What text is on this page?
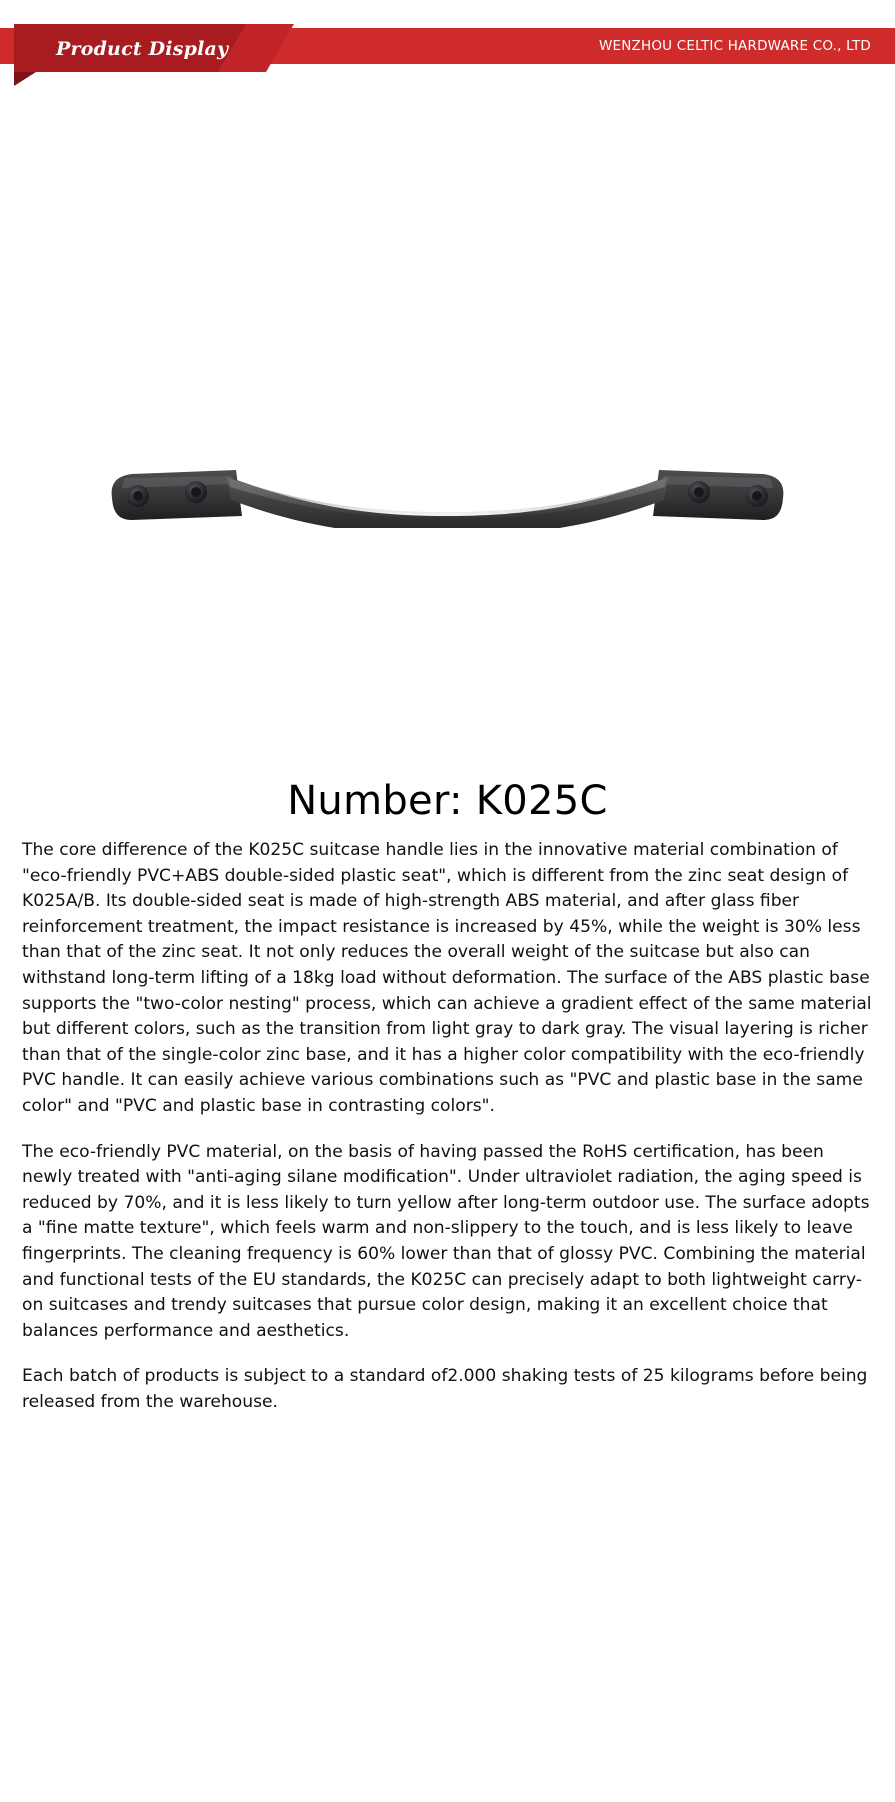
Product Display	WENZHOU CELTIC HARDWARE CO., LTD
Number: K025C

The core difference of the K025C suitcase handle lies in the innovative material combination of "eco-friendly PVC+ABS double-sided plastic seat", which is different from the zinc seat design of K025A/B. Its double-sided seat is made of high-strength ABS material, and after glass fiber reinforcement treatment, the impact resistance is increased by 45%, while the weight is 30% less than that of the zinc seat. It not only reduces the overall weight of the suitcase but also can withstand long-term lifting of a 18kg load without deformation. The surface of the ABS plastic base supports the "two-color nesting" process, which can achieve a gradient effect of the same material but different colors, such as the transition from light gray to dark gray. The visual layering is richer than that of the single-color zinc base, and it has a higher color compatibility with the eco-friendly PVC handle. It can easily achieve various combinations such as "PVC and plastic base in the same color" and "PVC and plastic base in contrasting colors".

The eco-friendly PVC material, on the basis of having passed the RoHS certification, has been newly treated with "anti-aging silane modification". Under ultraviolet radiation, the aging speed is reduced by 70%, and it is less likely to turn yellow after long-term outdoor use. The surface adopts a "fine matte texture", which feels warm and non-slippery to the touch, and is less likely to leave fingerprints. The cleaning frequency is 60% lower than that of glossy PVC. Combining the material and functional tests of the EU standards, the K025C can precisely adapt to both lightweight carry-on suitcases and trendy suitcases that pursue color design, making it an excellent choice that balances performance and aesthetics.

Each batch of products is subject to a standard of2.000 shaking tests of 25 kilograms before being released from the warehouse.
